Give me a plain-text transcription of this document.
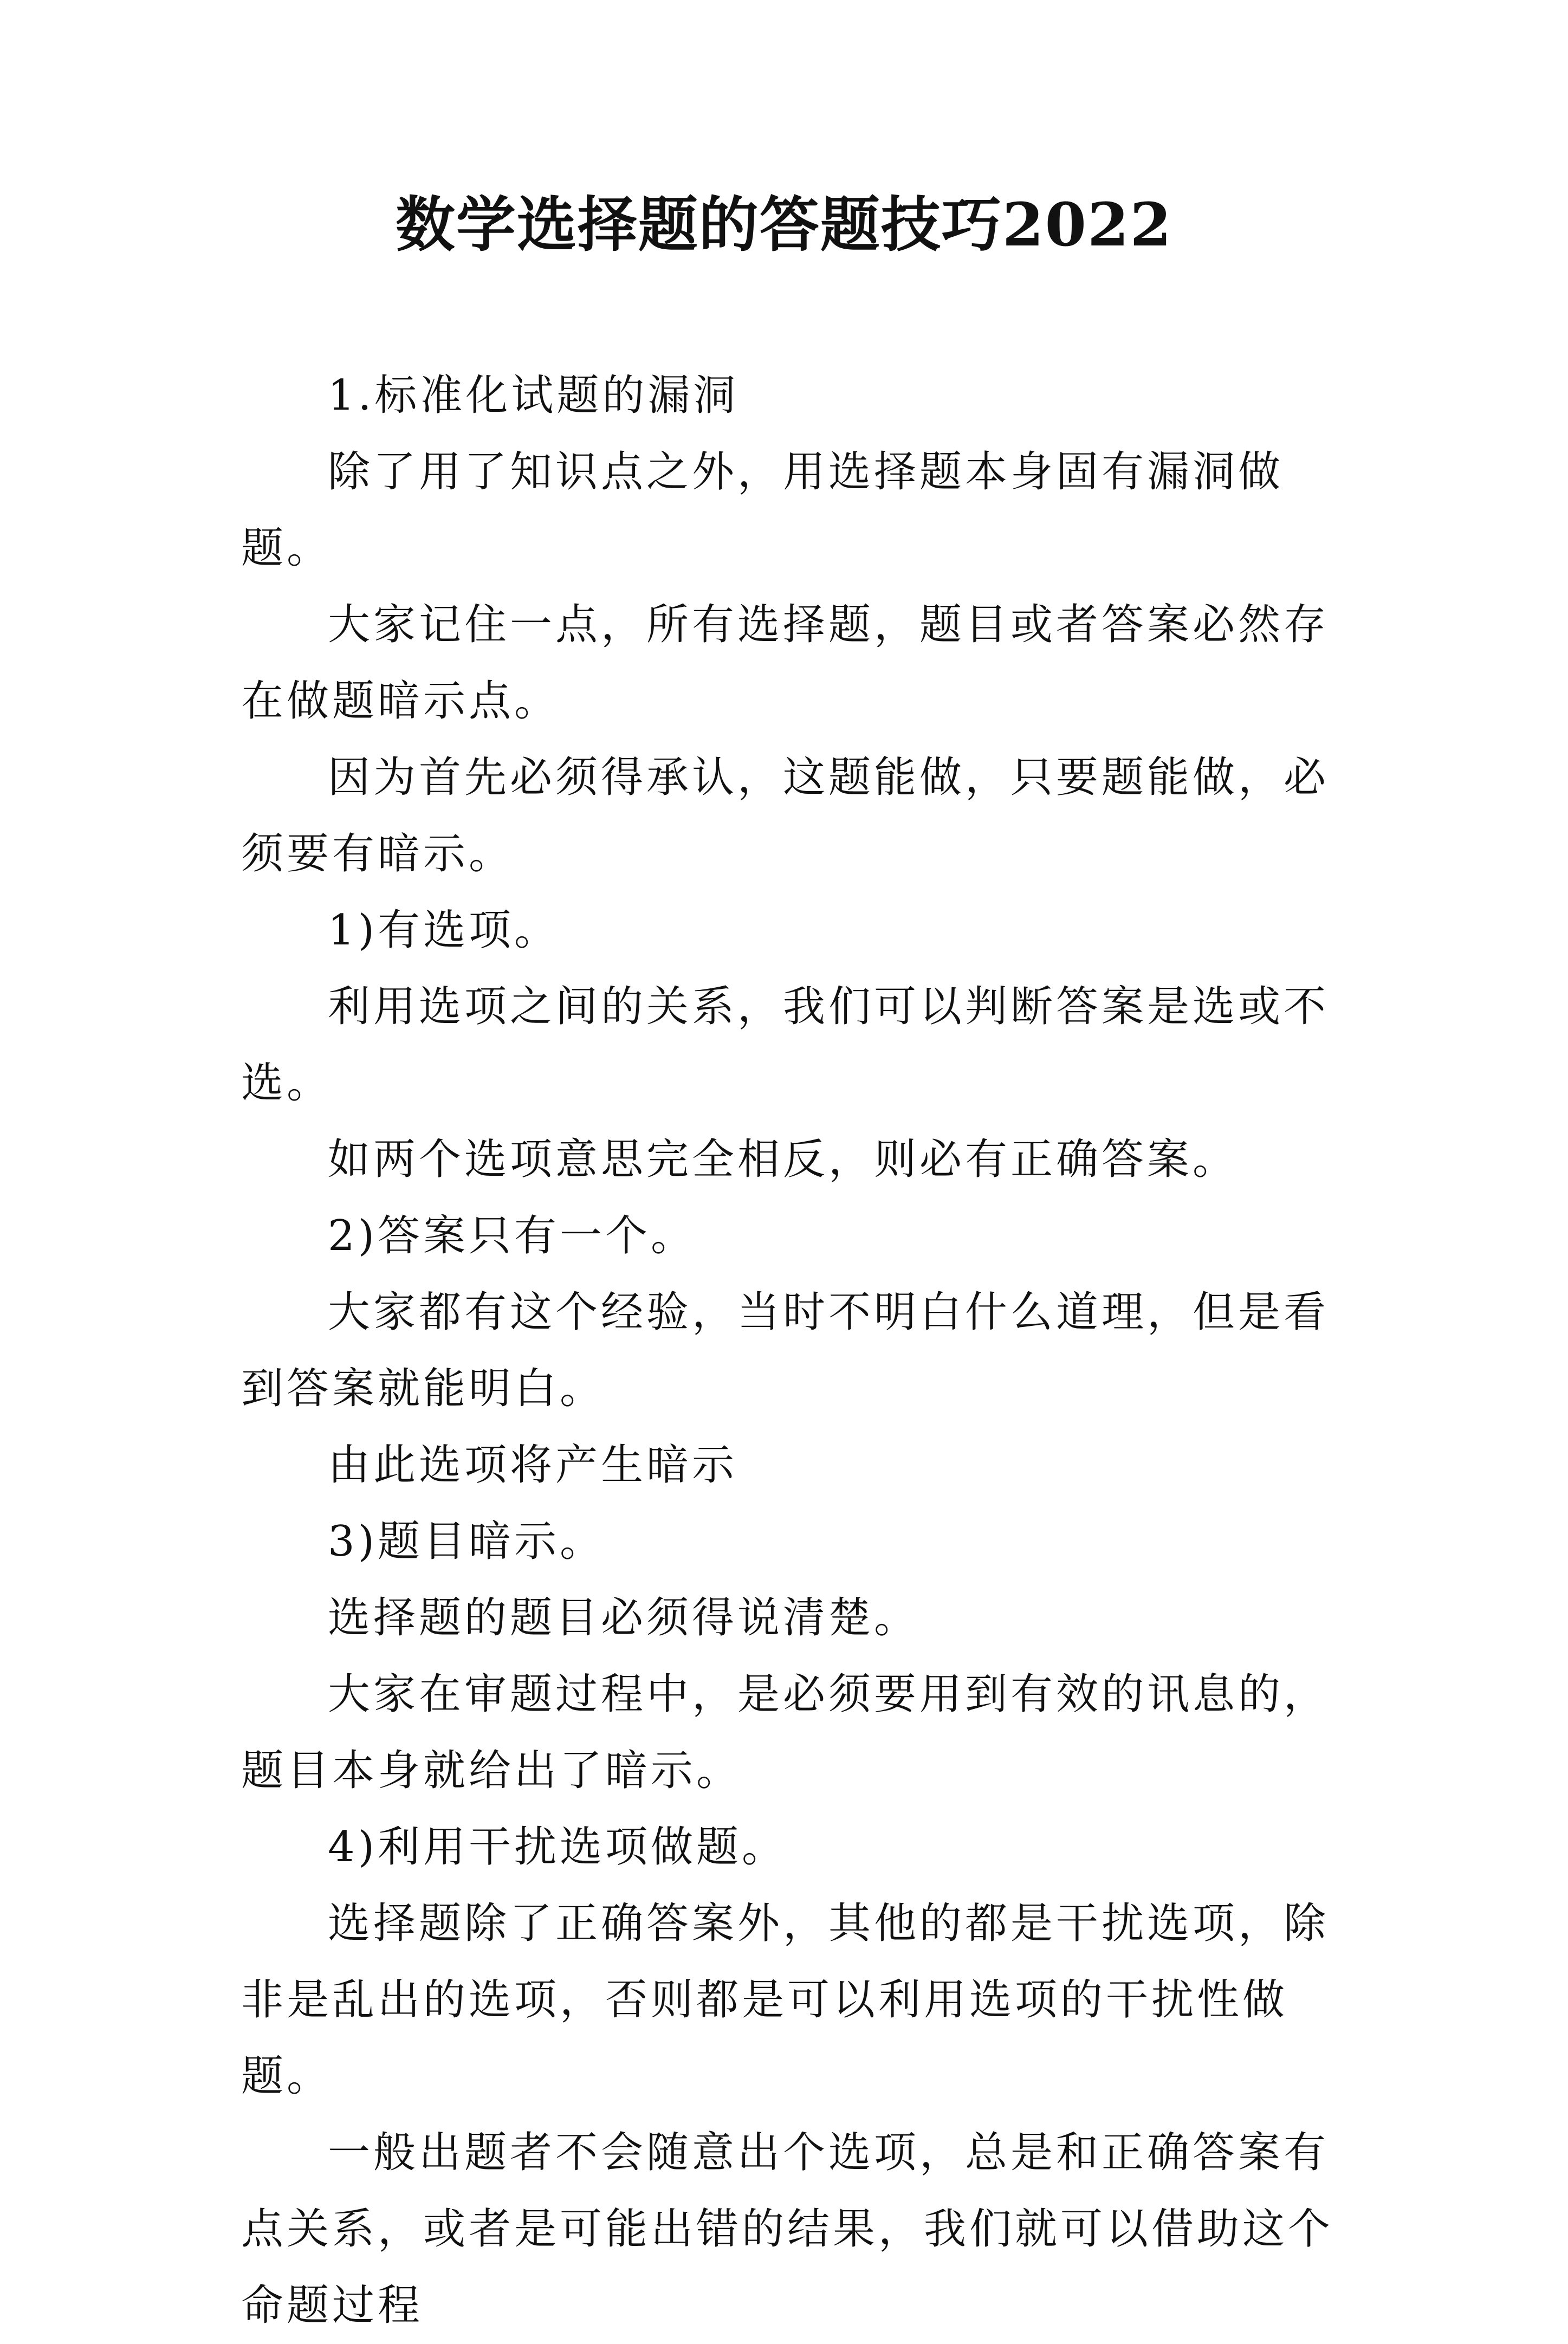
数学选择题的答题技巧2022

1.标准化试题的漏洞

除了用了知识点之外，用选择题本身固有漏洞做题。

大家记住一点，所有选择题，题目或者答案必然存在做题暗示点。

因为首先必须得承认，这题能做，只要题能做，必须要有暗示。

1)有选项。

利用选项之间的关系，我们可以判断答案是选或不选。

如两个选项意思完全相反，则必有正确答案。

2)答案只有一个。

大家都有这个经验，当时不明白什么道理，但是看到答案就能明白。

由此选项将产生暗示

3)题目暗示。

选择题的题目必须得说清楚。

大家在审题过程中，是必须要用到有效的讯息的，题目本身就给出了暗示。

4)利用干扰选项做题。

选择题除了正确答案外，其他的都是干扰选项，除非是乱出的选项，否则都是可以利用选项的干扰性做题。

一般出题者不会随意出个选项，总是和正确答案有点关系，或者是可能出错的结果，我们就可以借助这个命题过程
